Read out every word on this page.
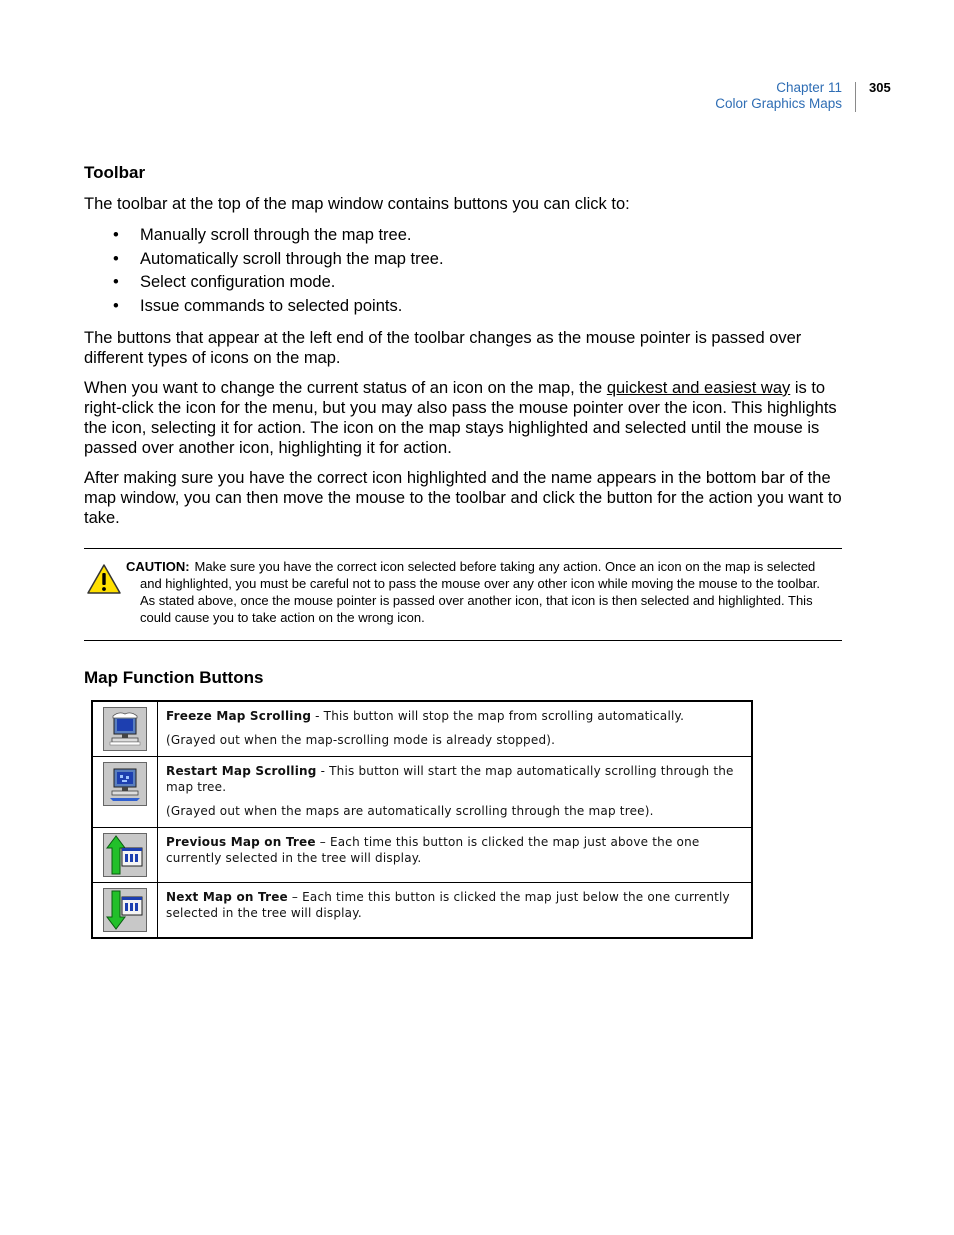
Chapter 11
Color Graphics Maps
305
Toolbar

The toolbar at the top of the map window contains buttons you can click to:

• Manually scroll through the map tree.
• Automatically scroll through the map tree.
• Select configuration mode.
• Issue commands to selected points.

The buttons that appear at the left end of the toolbar changes as the mouse pointer is passed over different types of icons on the map.

When you want to change the current status of an icon on the map, the quickest and easiest way is to right-click the icon for the menu, but you may also pass the mouse pointer over the icon. This highlights the icon, selecting it for action. The icon on the map stays highlighted and selected until the mouse is passed over another icon, highlighting it for action.

After making sure you have the correct icon highlighted and the name appears in the bottom bar of the map window, you can then move the mouse to the toolbar and click the button for the action you want to take.

CAUTION: Make sure you have the correct icon selected before taking any action. Once an icon on the map is selected and highlighted, you must be careful not to pass the mouse over any other icon while moving the mouse to the toolbar. As stated above, once the mouse pointer is passed over another icon, that icon is then selected and highlighted. This could cause you to take action on the wrong icon.
Map Function Buttons
	Freeze Map Scrolling - This button will stop the map from scrolling automatically.
(Grayed out when the map-scrolling mode is already stopped).

	Restart Map Scrolling - This button will start the map automatically scrolling through the map tree.
(Grayed out when the maps are automatically scrolling through the map tree).

	Previous Map on Tree – Each time this button is clicked the map just above the one currently selected in the tree will display.

	Next Map on Tree – Each time this button is clicked the map just below the one currently selected in the tree will display.
